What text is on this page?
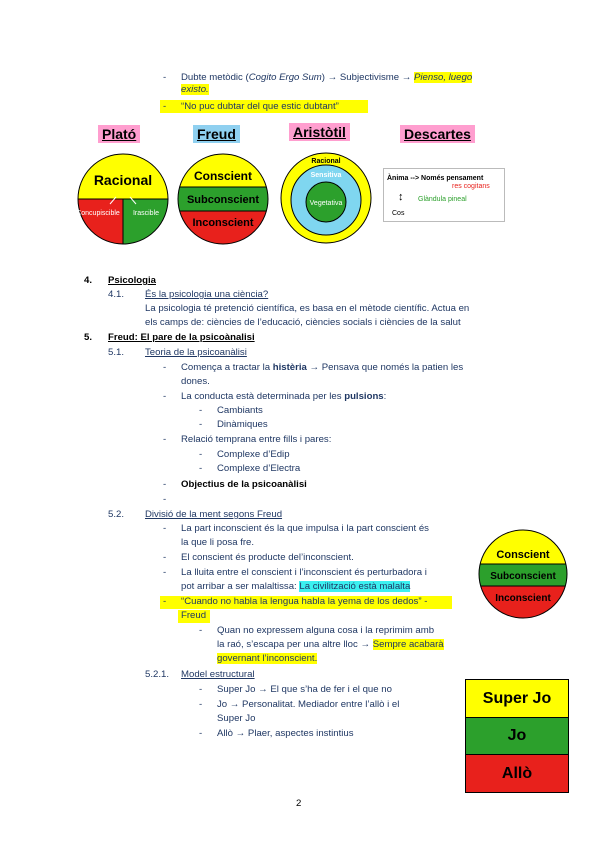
- Dubte metòdic (Cogito Ergo Sum) → Subjectivisme → Pienso, luego
existo.
- “No puc dubtar del que estic dubtant”
Plató	Freud	Aristòtil	Descartes
Racional
Concupiscible Irascible
Conscient
Subconscient
Inconscient
Racional
Sensitiva
Vegetativa
Ànima --> Només pensament
res cogitans
↕ Glàndula pineal
Cos
4. Psicologia
4.1. És la psicologia una ciència?
La psicologia té pretenció científica, es basa en el mètode científic. Actua en
els camps de: ciències de l’educació, ciències socials i ciències de la salut
5. Freud: El pare de la psicoànalisi
5.1. Teoria de la psicoanàlisi
- Comença a tractar la histèria → Pensava que només la patien les
dones.
- La conducta està determinada per les pulsions:
- Cambiants
- Dinàmiques
- Relació temprana entre fills i pares:
- Complexe d’Edip
- Complexe d’Electra
- Objectius de la psicoanàlisi
-
5.2. Divisió de la ment segons Freud
- La part inconscient és la que impulsa i la part conscient és
la que li posa fre.
- El conscient és producte del’inconscient.
- La lluita entre el conscient i l’inconscient és perturbadora i
pot arribar a ser malaltissa: La civilització està malalta
- “Cuando no habla la lengua habla la yema de los dedos” -
Freud
- Quan no expressem alguna cosa i la reprimim amb
la raó, s’escapa per una altre lloc → Sempre acabarà
governant l’inconscient.
5.2.1. Model estructural
- Super Jo → El que s’ha de fer i el que no
- Jo → Personalitat. Mediador entre l’allò i el
Super Jo
- Allò → Plaer, aspectes instintius
Conscient
Subconscient
Inconscient
Super Jo
Jo
Allò
2
